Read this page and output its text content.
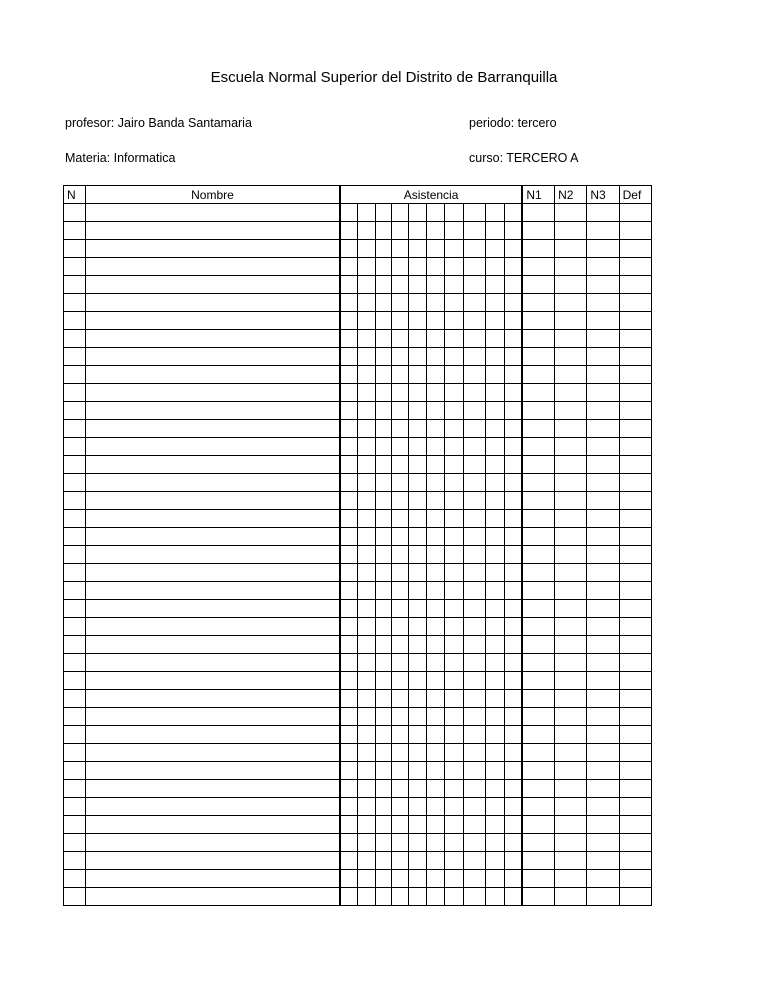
Escuela Normal Superior del Distrito de Barranquilla
profesor: Jairo Banda Santamaria	periodo: tercero
Materia: Informatica	curso: TERCERO A
N	Nombre	Asistencia										N1	N2	N3	Def
